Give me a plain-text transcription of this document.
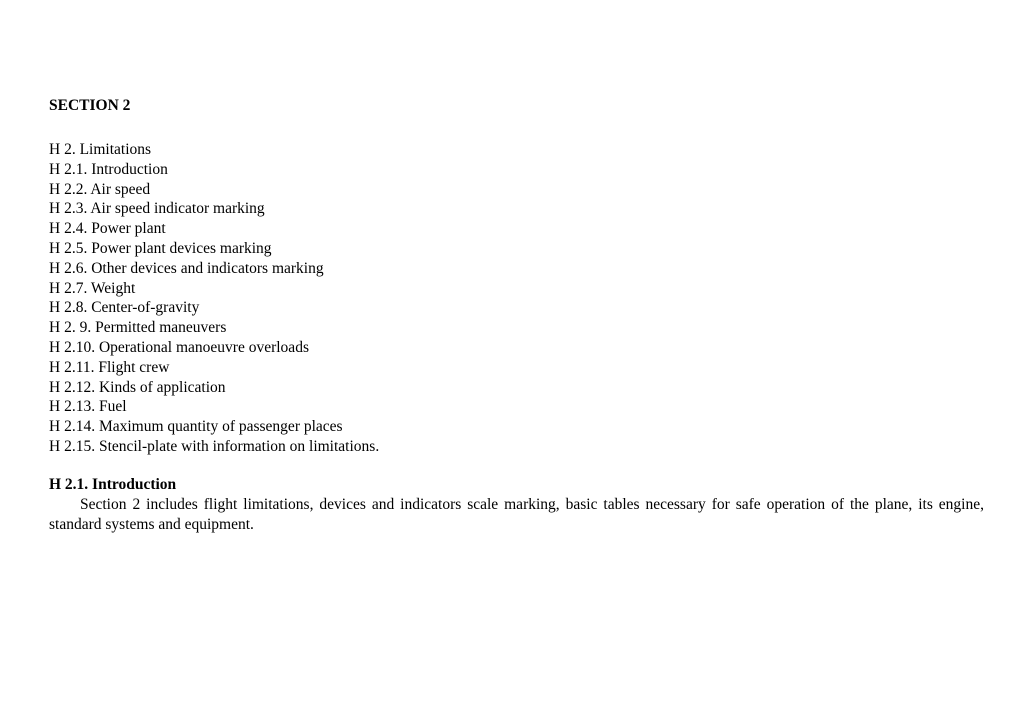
SECTION 2
H 2. Limitations
H 2.1. Introduction
H 2.2. Air speed
H 2.3. Air speed indicator marking
H 2.4. Power plant
H 2.5. Power plant devices marking
H 2.6. Other devices and indicators marking
H 2.7. Weight
H 2.8. Center-of-gravity
H 2. 9. Permitted maneuvers
H 2.10. Operational manoeuvre overloads
H 2.11. Flight crew
H 2.12. Kinds of application
H 2.13. Fuel
H 2.14. Maximum quantity of passenger places
H 2.15. Stencil-plate with information on limitations.
H 2.1. Introduction

Section 2 includes flight limitations, devices and indicators scale marking, basic tables necessary for safe operation of the plane, its engine, standard systems and equipment.
